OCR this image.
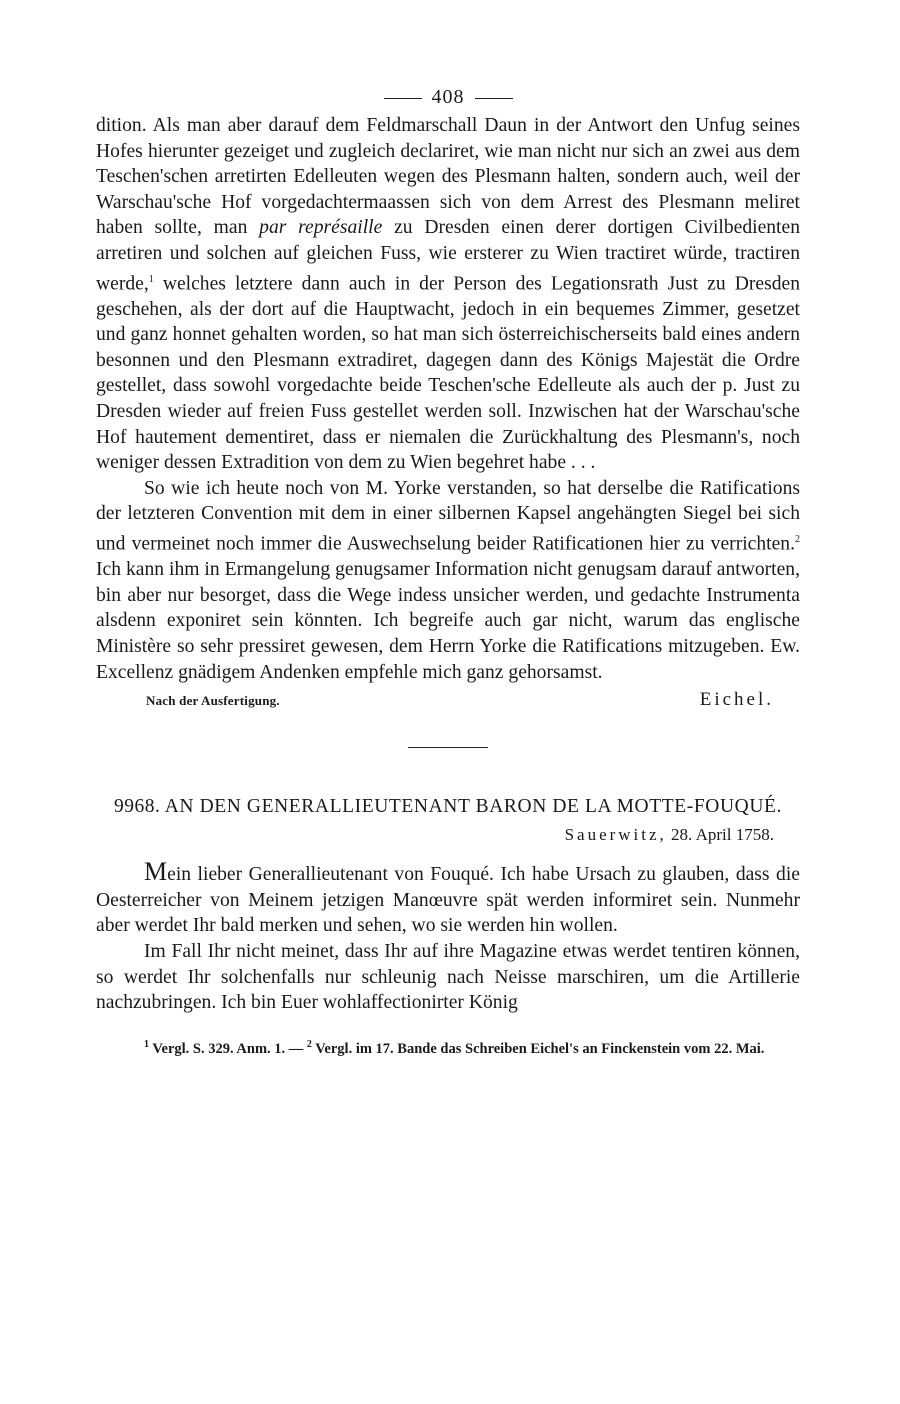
408

dition. Als man aber darauf dem Feldmarschall Daun in der Antwort den Unfug seines Hofes hierunter gezeiget und zugleich declariret, wie man nicht nur sich an zwei aus dem Teschen'schen arretirten Edelleuten wegen des Plesmann halten, sondern auch, weil der Warschau'sche Hof vorgedachtermaassen sich von dem Arrest des Plesmann meliret haben sollte, man par représaille zu Dresden einen derer dortigen Civilbedienten arretiren und solchen auf gleichen Fuss, wie ersterer zu Wien tractiret würde, tractiren werde,$^1$ welches letztere dann auch in der Person des Legationsrath Just zu Dresden geschehen, als der dort auf die Hauptwacht, jedoch in ein bequemes Zimmer, gesetzet und ganz honnet gehalten worden, so hat man sich österreichischerseits bald eines andern besonnen und den Plesmann extradiret, dagegen dann des Königs Majestät die Ordre gestellet, dass sowohl vorgedachte beide Teschen'sche Edelleute als auch der p. Just zu Dresden wieder auf freien Fuss gestellet werden soll. Inzwischen hat der Warschau'sche Hof hautement dementiret, dass er niemalen die Zurückhaltung des Plesmann's, noch weniger dessen Extradition von dem zu Wien begehret habe . . .

So wie ich heute noch von M. Yorke verstanden, so hat derselbe die Ratifications der letzteren Convention mit dem in einer silbernen Kapsel angehängten Siegel bei sich und vermeinet noch immer die Auswechselung beider Ratificationen hier zu verrichten.$^2$ Ich kann ihm in Ermangelung genugsamer Information nicht genugsam darauf antworten, bin aber nur besorget, dass die Wege indess unsicher werden, und gedachte Instrumenta alsdenn exponiret sein könnten. Ich begreife auch gar nicht, warum das englische Ministère so sehr pressiret gewesen, dem Herrn Yorke die Ratifications mitzugeben. Ew. Excellenz gnädigem Andenken empfehle mich ganz gehorsamst.

Nach der Ausfertigung.	Eichel.
9968. AN DEN GENERALLIEUTENANT BARON DE LA MOTTE-FOUQUÉ.
Sauerwitz, 28. April 1758.

Mein lieber Generallieutenant von Fouqué. Ich habe Ursach zu glauben, dass die Oesterreicher von Meinem jetzigen Manœuvre spät werden informiret sein. Nunmehr aber werdet Ihr bald merken und sehen, wo sie werden hin wollen.

Im Fall Ihr nicht meinet, dass Ihr auf ihre Magazine etwas werdet tentiren können, so werdet Ihr solchenfalls nur schleunig nach Neisse marschiren, um die Artillerie nachzubringen. Ich bin Euer wohlaffectionirter König

$^1$ Vergl. S. 329. Anm. 1. — $^2$ Vergl. im 17. Bande das Schreiben Eichel's an Finckenstein vom 22. Mai.
